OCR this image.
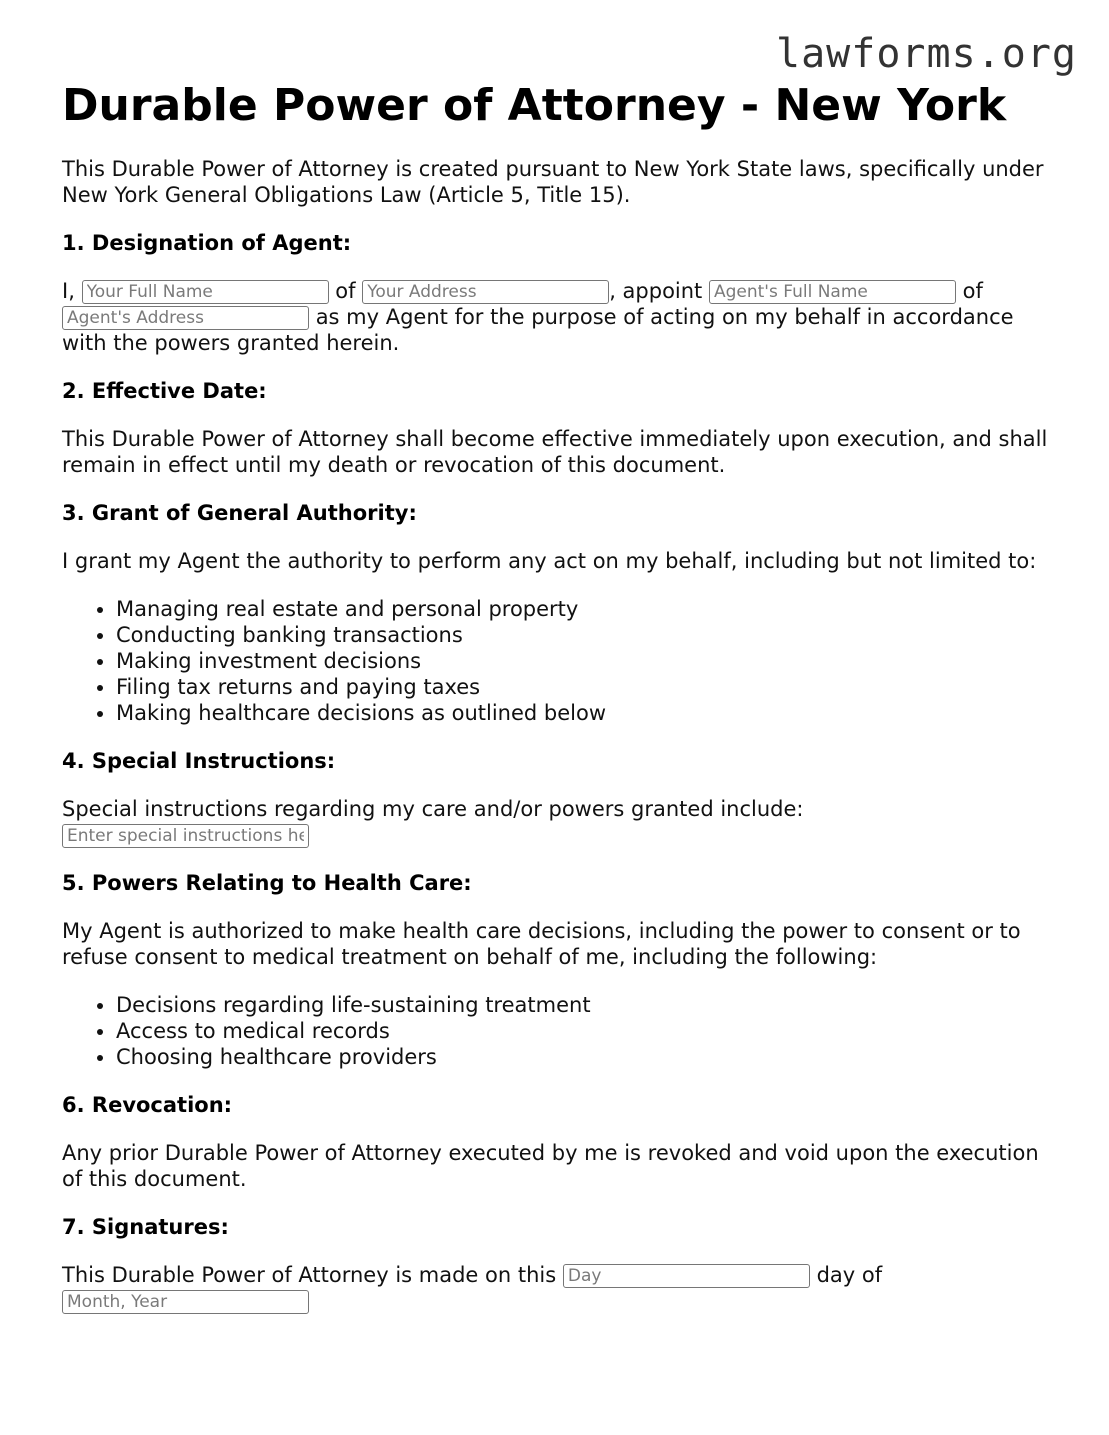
lawforms.org
Durable Power of Attorney - New York

This Durable Power of Attorney is created pursuant to New York State laws, specifically under New York General Obligations Law (Article 5, Title 15).

1. Designation of Agent:

I, Your Full Name	of Your Address	, appoint Agent's Full Name	of Agent's Address as my Agent for the purpose of acting on my behalf in accordance with the powers granted herein.

2. Effective Date:

This Durable Power of Attorney shall become effective immediately upon execution, and shall remain in effect until my death or revocation of this document.

3. Grant of General Authority:

I grant my Agent the authority to perform any act on my behalf, including but not limited to:

• Managing real estate and personal property
• Conducting banking transactions
• Making investment decisions
• Filing tax returns and paying taxes
• Making healthcare decisions as outlined below
4. Special Instructions:

Special instructions regarding my care and/or powers granted include:
Enter special instructions here

5. Powers Relating to Health Care:

My Agent is authorized to make health care decisions, including the power to consent or to refuse consent to medical treatment on behalf of me, including the following:

• Decisions regarding life-sustaining treatment
• Access to medical records
• Choosing healthcare providers
6. Revocation:

Any prior Durable Power of Attorney executed by me is revoked and void upon the execution of this document.

7. Signatures:

This Durable Power of Attorney is made on this Day	day of Month, Year
